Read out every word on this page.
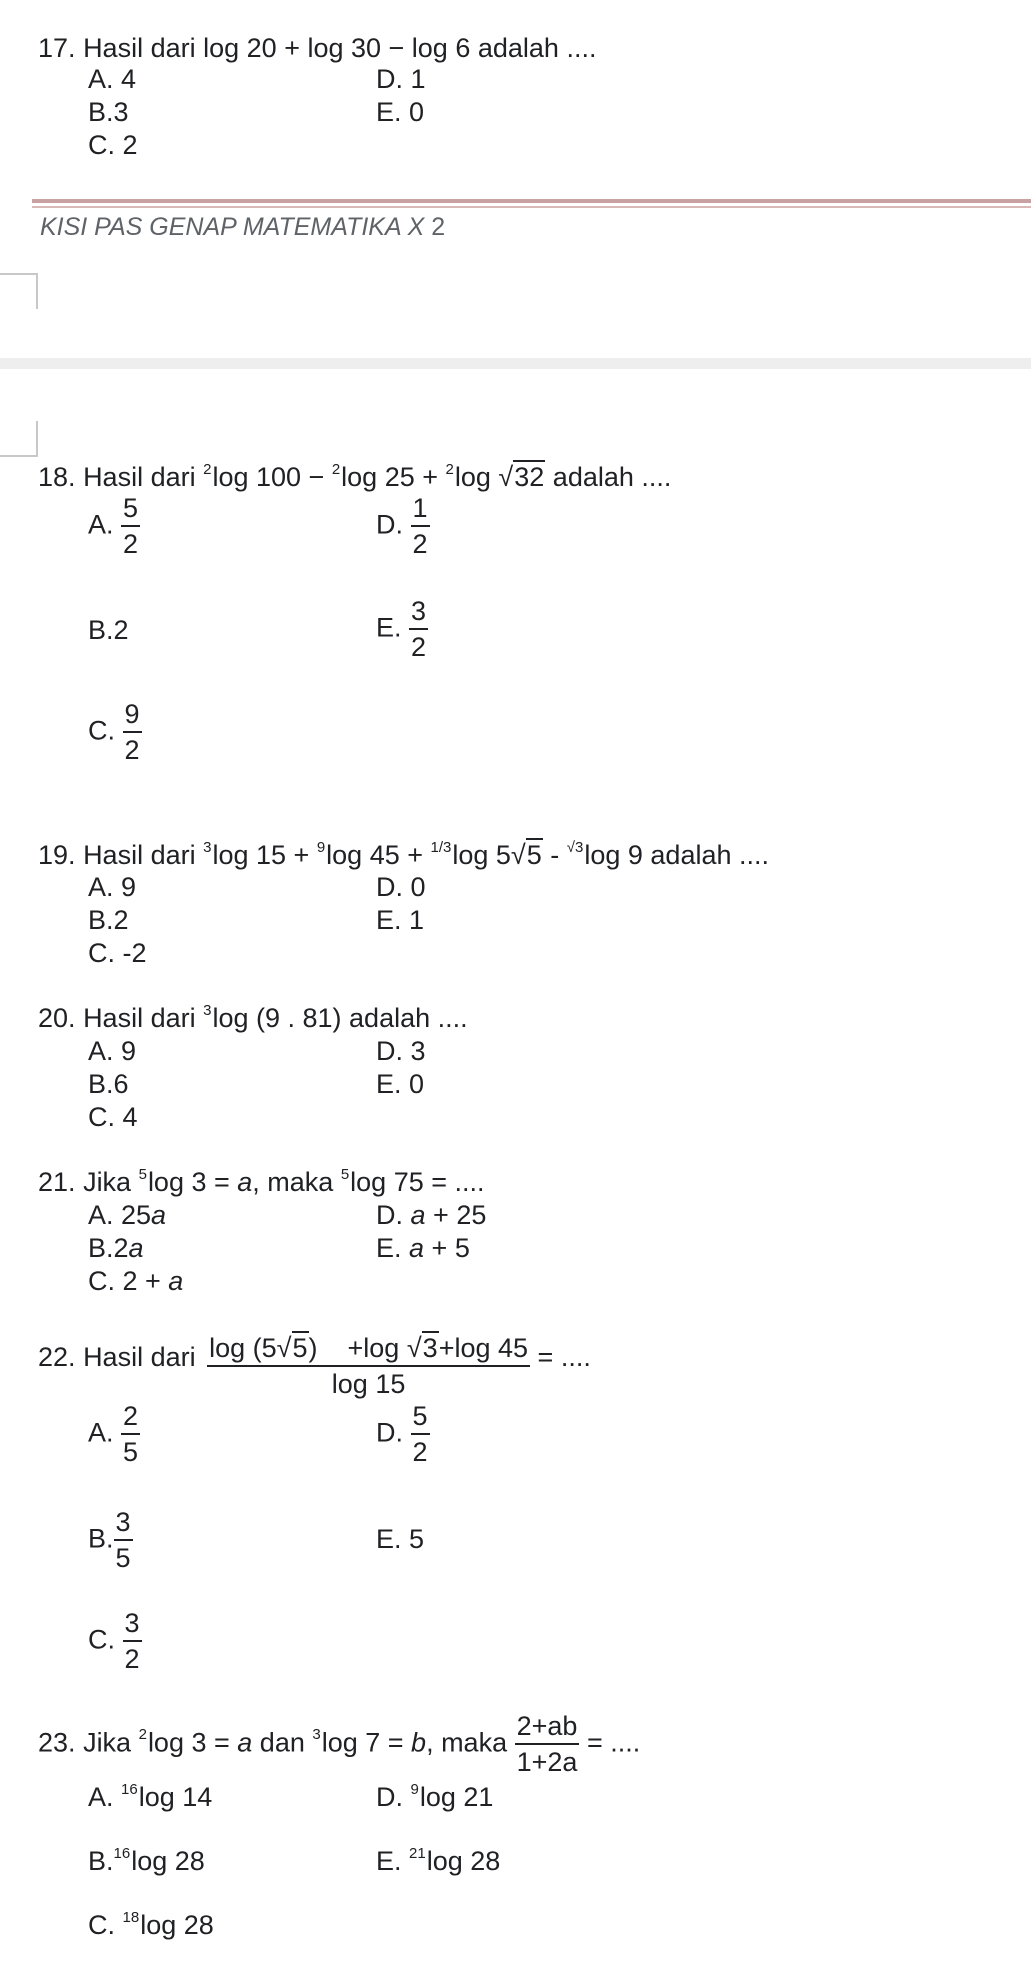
17. Hasil dari log 20 + log 30 − log 6 adalah ....
A. 4	D. 1
B.3	E. 0
C. 2
KISI PAS GENAP MATEMATIKA X 2
18. Hasil dari $^2$log 100 − $^2$log 25 + $^2$log √32 adalah ....
A. $\frac{5}{2}$	D. $\frac{1}{2}$
B.2	E. $\frac{3}{2}$
C. $\frac{9}{2}$
19. Hasil dari $^3$log 15 + $^9$log 45 + $^{1/3}$log 5√5 - $^{√3}$log 9 adalah ....
A. 9	D. 0
B.2	E. 1
C. -2
20. Hasil dari $^3$log (9 . 81) adalah ....
A. 9	D. 3
B.6	E. 0
C. 4
21. Jika $^5$log 3 = a, maka $^5$log 75 = ....
A. 25a	D. a + 25
B.2a	E. a + 5
C. 2 + a
22. Hasil dari $\frac{\log (5√5) +\log √3+\log 45}{\log 15}$ = ....
A. $\frac{2}{5}$	D. $\frac{5}{2}$
B. $\frac{3}{5}$	E. 5
C. $\frac{3}{2}$
23. Jika $^2$log 3 = a dan $^3$log 7 = b, maka $\frac{2+ab}{1+2a}$ = ....
A. $^{16}$log 14	D. $^9$log 21
B.$^{16}$log 28	E. $^{21}$log 28
C. $^{18}$log 28
